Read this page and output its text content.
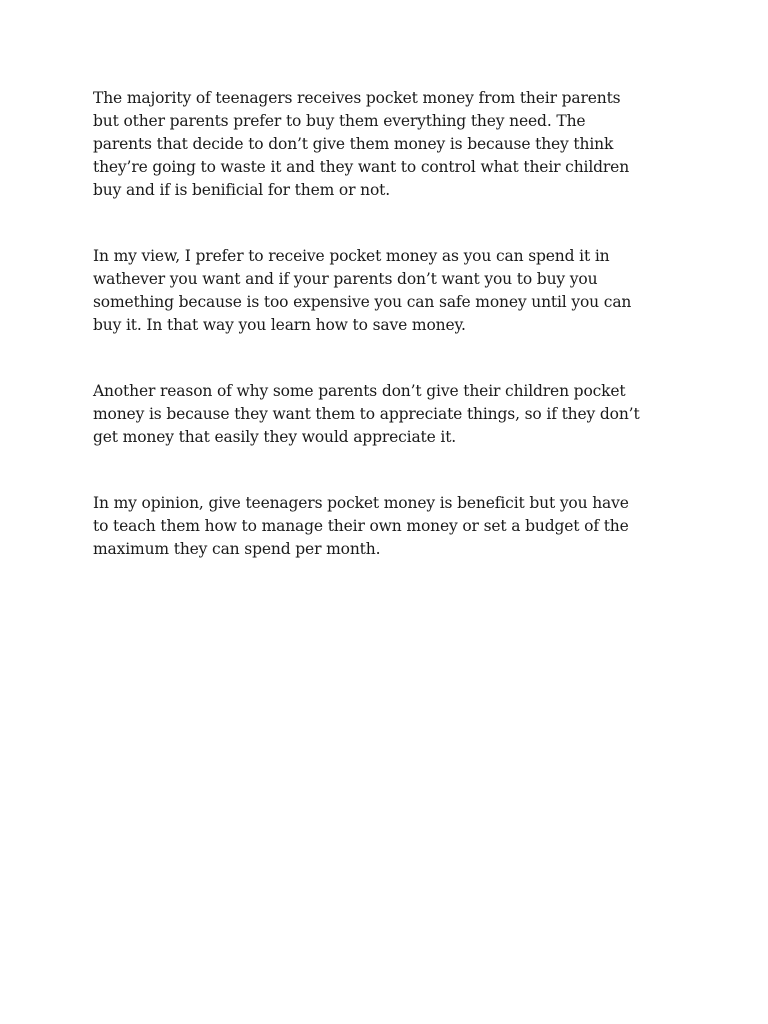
The majority of teenagers receives pocket money from their parents
but other parents prefer to buy them everything they need. The
parents that decide to don’t give them money is because they think
they’re going to waste it and they want to control what their children
buy and if is benificial for them or not.

In my view, I prefer to receive pocket money as you can spend it in
wathever you want and if your parents don’t want you to buy you
something because is too expensive you can safe money until you can
buy it. In that way you learn how to save money.

Another reason of why some parents don’t give their children pocket
money is because they want them to appreciate things, so if they don’t
get money that easily they would appreciate it.

In my opinion, give teenagers pocket money is beneficit but you have
to teach them how to manage their own money or set a budget of the
maximum they can spend per month.
